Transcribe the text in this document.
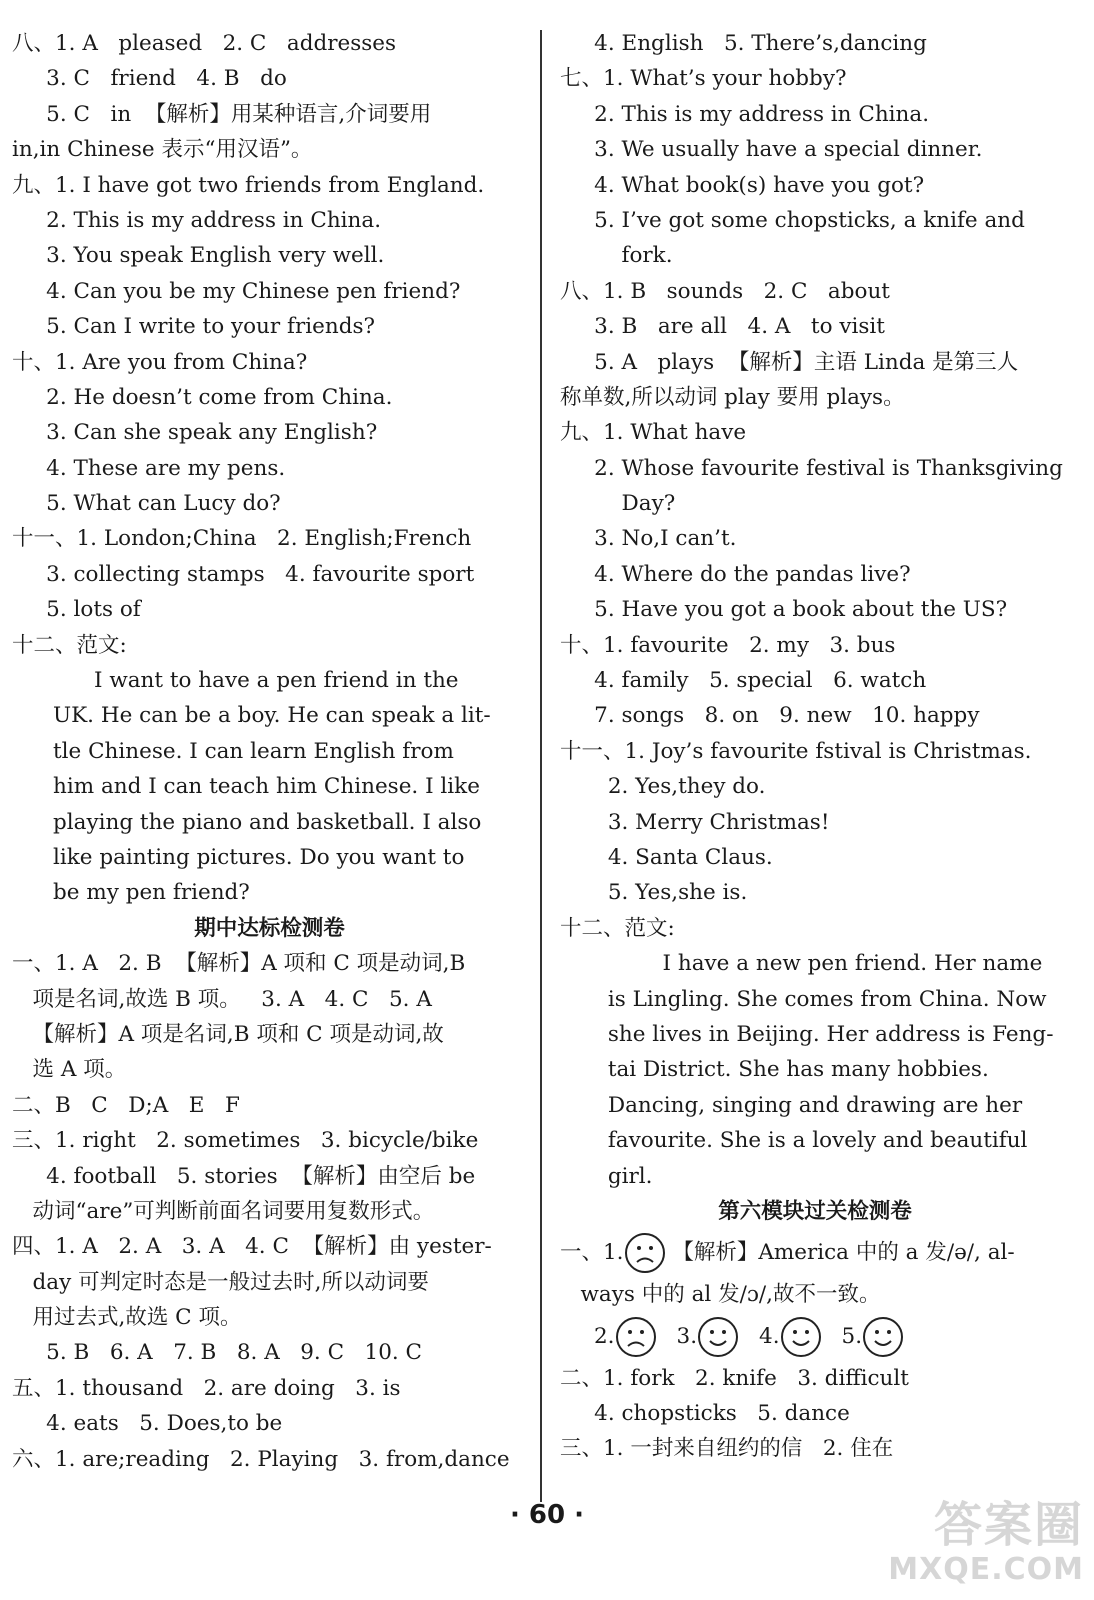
八、1. A   pleased   2. C   addresses
3. C   friend   4. B   do
5. C   in  【解析】用某种语言,介词要用
in,in Chinese 表示“用汉语”。
九、1. I have got two friends from England.
2. This is my address in China.
3. You speak English very well.
4. Can you be my Chinese pen friend?
5. Can I write to your friends?
十、1. Are you from China?
2. He doesn’t come from China.
3. Can she speak any English?
4. These are my pens.
5. What can Lucy do?
十一、1. London;China   2. English;French
3. collecting stamps   4. favourite sport
5. lots of
十二、范文:
I want to have a pen friend in the
UK. He can be a boy. He can speak a lit-
tle Chinese. I can learn English from
him and I can teach him Chinese. I like
playing the piano and basketball. I also
like painting pictures. Do you want to
be my pen friend?
期中达标检测卷
一、1. A   2. B  【解析】A 项和 C 项是动词,B
项是名词,故选 B 项。   3. A   4. C   5. A
【解析】A 项是名词,B 项和 C 项是动词,故
选 A 项。
二、B   C   D;A   E   F
三、1. right   2. sometimes   3. bicycle/bike
4. football   5. stories  【解析】由空后 be
动词“are”可判断前面名词要用复数形式。
四、1. A   2. A   3. A   4. C  【解析】由 yester-
day 可判定时态是一般过去时,所以动词要
用过去式,故选 C 项。
5. B   6. A   7. B   8. A   9. C   10. C
五、1. thousand   2. are doing   3. is
4. eats   5. Does,to be
六、1. are;reading   2. Playing   3. from,dance
4. English   5. There’s,dancing
七、1. What’s your hobby?
2. This is my address in China.
3. We usually have a special dinner.
4. What book(s) have you got?
5. I’ve got some chopsticks, a knife and
fork.
八、1. B   sounds   2. C   about
3. B   are all   4. A   to visit
5. A   plays  【解析】主语 Linda 是第三人
称单数,所以动词 play 要用 plays。
九、1. What have
2. Whose favourite festival is Thanksgiving
Day?
3. No,I can’t.
4. Where do the pandas live?
5. Have you got a book about the US?
十、1. favourite   2. my   3. bus
4. family   5. special   6. watch
7. songs   8. on   9. new   10. happy
十一、1. Joy’s favourite fstival is Christmas.
2. Yes,they do.
3. Merry Christmas!
4. Santa Claus.
5. Yes,she is.
十二、范文:
I have a new pen friend. Her name
is Lingling. She comes from China. Now
she lives in Beijing. Her address is Feng-
tai District. She has many hobbies.
Dancing, singing and drawing are her
favourite. She is a lovely and beautiful
girl.
第六模块过关检测卷
一、1. 【解析】America 中的 a 发/ə/, al-
ways 中的 al 发/ɔ/,故不一致。
2.	3.	4.	5.
二、1. fork   2. knife   3. difficult
4. chopsticks   5. dance
三、1. 一封来自纽约的信   2. 住在
· 60 ·	答案圈
MXQE.COM
